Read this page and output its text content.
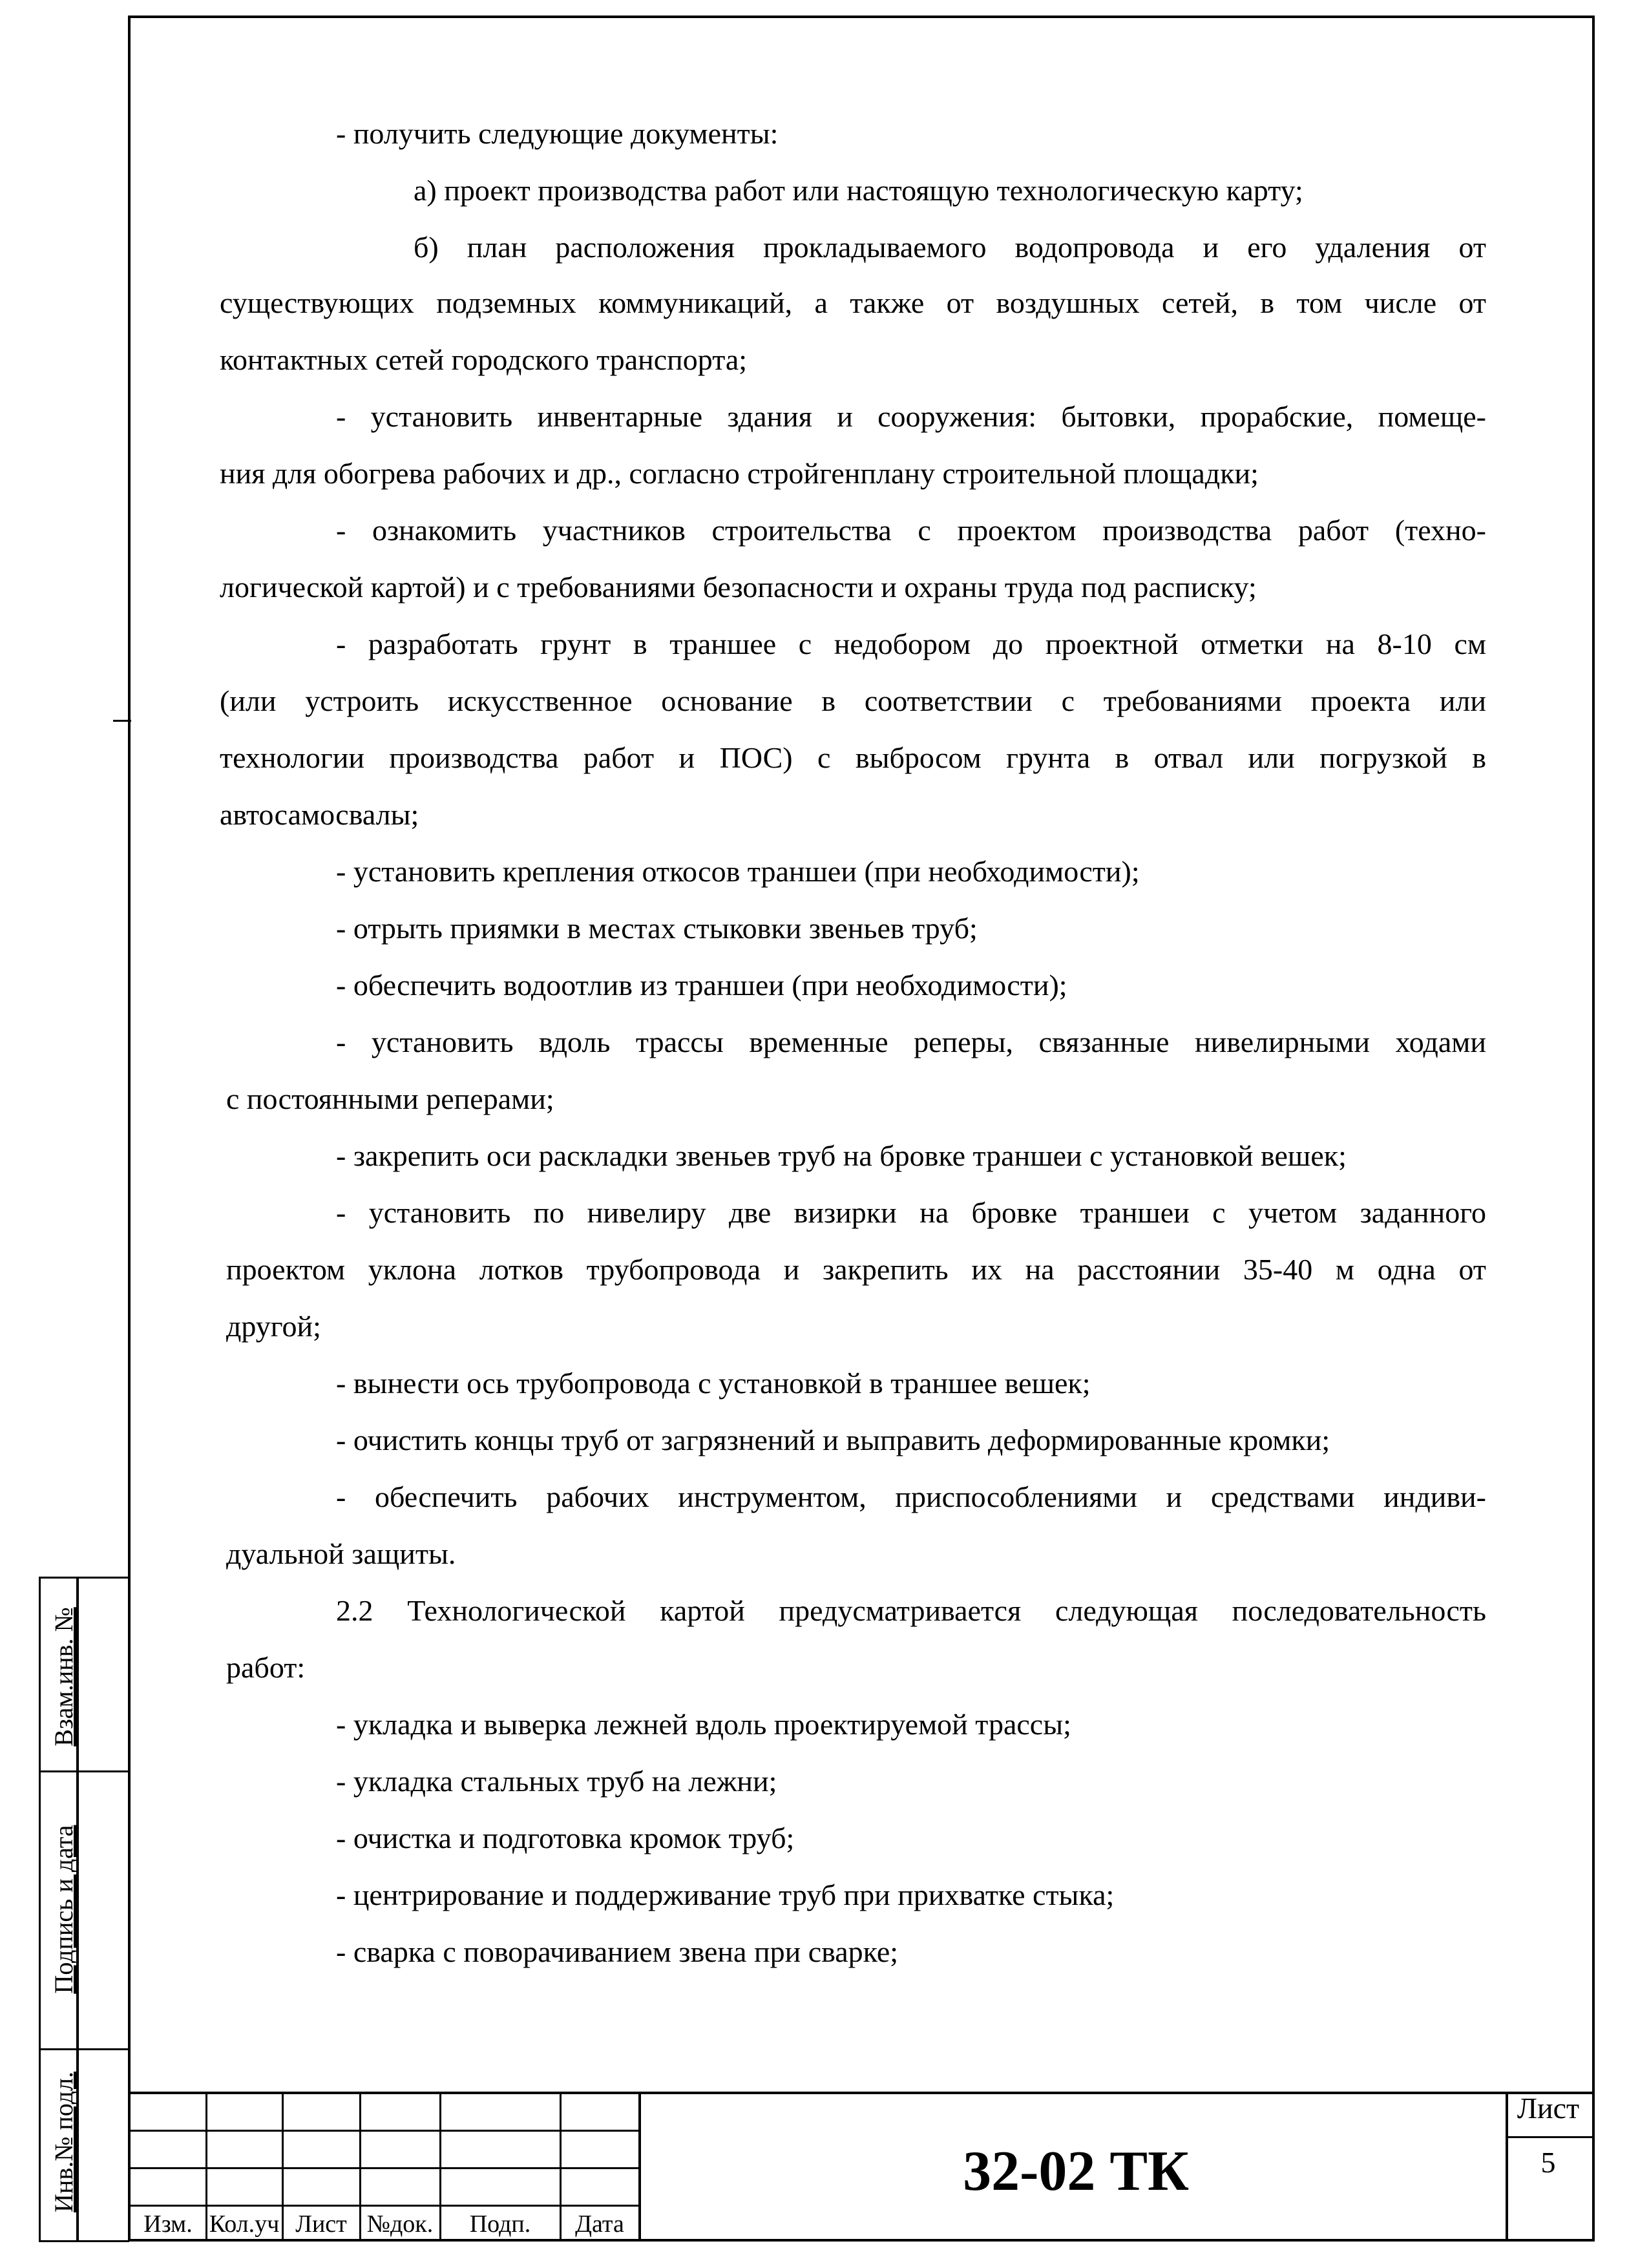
Взам.инв. №
Подпись и дата
Инв.№ подл.
- получить следующие документы:
а) проект производства работ или настоящую технологическую карту;
б) план расположения прокладываемого водопровода и его удаления от
существующих подземных коммуникаций, а также от воздушных сетей, в том числе от
контактных сетей городского транспорта;
- установить инвентарные здания и сооружения: бытовки, прорабские, помеще-
ния для обогрева рабочих и др., согласно стройгенплану строительной площадки;
- ознакомить участников строительства с проектом производства работ (техно-
логической картой) и с требованиями безопасности и охраны труда под расписку;
- разработать грунт в траншее с недобором до проектной отметки на 8-10 см
(или устроить искусственное основание в соответствии с требованиями проекта или
технологии производства работ и ПОС) с выбросом грунта в отвал или погрузкой в
автосамосвалы;
- установить крепления откосов траншеи (при необходимости);
- отрыть приямки в местах стыковки звеньев труб;
- обеспечить водоотлив из траншеи (при необходимости);
- установить вдоль трассы временные реперы, связанные нивелирными ходами
с постоянными реперами;
- закрепить оси раскладки звеньев труб на бровке траншеи с установкой вешек;
- установить по нивелиру две визирки на бровке траншеи с учетом заданного
проектом уклона лотков трубопровода и закрепить их на расстоянии 35-40 м одна от
другой;
- вынести ось трубопровода с установкой в траншее вешек;
- очистить концы труб от загрязнений и выправить деформированные кромки;
- обеспечить рабочих инструментом, приспособлениями и средствами индиви-
дуальной защиты.
2.2 Технологической картой предусматривается следующая последовательность
работ:
- укладка и выверка лежней вдоль проектируемой трассы;
- укладка стальных труб на лежни;
- очистка и подготовка кромок труб;
- центрирование и поддерживание труб при прихватке стыка;
- сварка с поворачиванием звена при сварке;
Изм. Кол.уч Лист №док.	Подп.	Дата
32-02 ТК
Лист
5
